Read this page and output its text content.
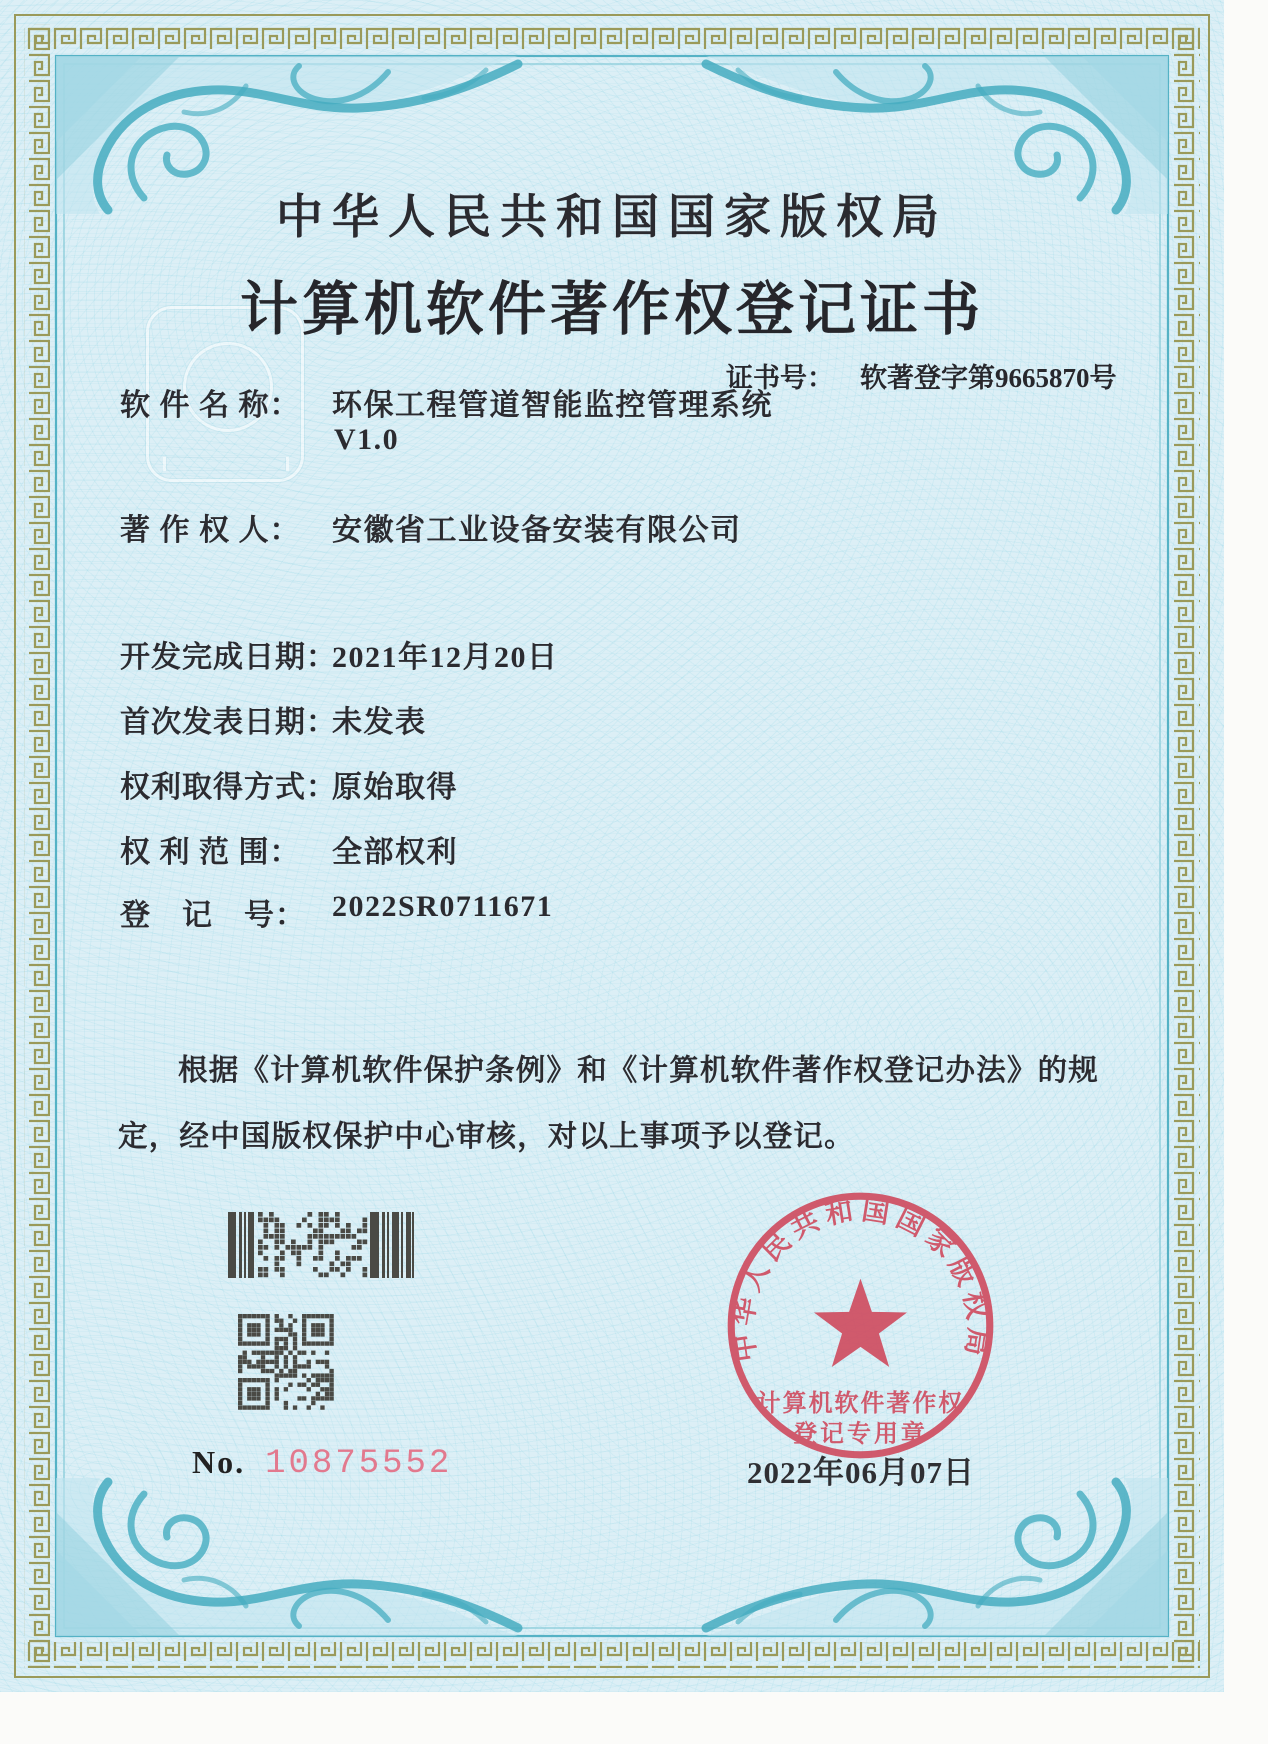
中华人民共和国国家版权局
计算机软件著作权登记证书
证书号： 软著登字第9665870号
软 件 名 称： 环保工程管道智能监控管理系统
V1.0
著 作 权 人： 安徽省工业设备安装有限公司
开发完成日期：
2021年12月20日
首次发表日期：
未发表
权利取得方式：
原始取得
权 利 范 围： 全部权利
登　记　号： 2022SR0711671
根据《计算机软件保护条例》和《计算机软件著作权登记办法》的规定，经中国版权保护中心审核，对以上事项予以登记。
No. 10875552
中华人民共和国国家版权局
计算机软件著作权
登记专用章
2022年06月07日
